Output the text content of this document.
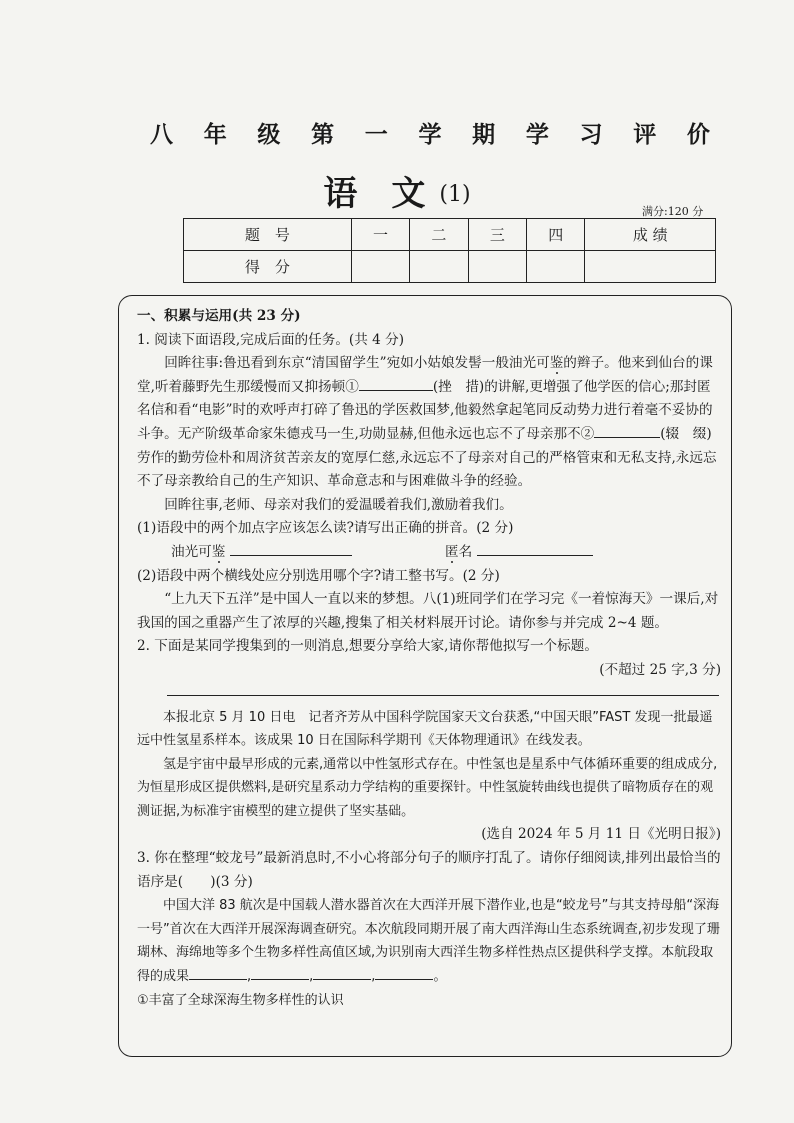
八 年 级 第 一 学 期 学 习 评 价
语　文 (1)
满分:120 分
题　号	一	二	三	四	成 绩
得　分					

一、积累与运用(共 23 分)

1. 阅读下面语段,完成后面的任务。(共 4 分)

回眸往事:鲁迅看到东京“清国留学生”宛如小姑娘发髻一般油光可鉴的辫子。他来到仙台的课堂,听着藤野先生那缓慢而又抑扬顿①	(挫　措)的讲解,更增强了他学医的信心;那封匿名信和看“电影”时的欢呼声打碎了鲁迅的学医救国梦,他毅然拿起笔同反动势力进行着毫不妥协的斗争。无产阶级革命家朱德戎马一生,功勋显赫,但他永远也忘不了母亲那不②	(辍　缀)劳作的勤劳俭朴和周济贫苦亲友的宽厚仁慈,永远忘不了母亲对自己的严格管束和无私支持,永远忘不了母亲教给自己的生产知识、革命意志和与困难做斗争的经验。

回眸往事,老师、母亲对我们的爱温暖着我们,激励着我们。

(1)语段中的两个加点字应该怎么读?请写出正确的拼音。(2 分)

油光可鉴	匿名

(2)语段中两个横线处应分别选用哪个字?请工整书写。(2 分)

“上九天下五洋”是中国人一直以来的梦想。八(1)班同学们在学习完《一着惊海天》一课后,对我国的国之重器产生了浓厚的兴趣,搜集了相关材料展开讨论。请你参与并完成 2~4 题。

2. 下面是某同学搜集到的一则消息,想要分享给大家,请你帮他拟写一个标题。

(不超过 25 字,3 分)

本报北京 5 月 10 日电　记者齐芳从中国科学院国家天文台获悉,“中国天眼”FAST 发现一批最遥远中性氢星系样本。该成果 10 日在国际科学期刊《天体物理通讯》在线发表。

氢是宇宙中最早形成的元素,通常以中性氢形式存在。中性氢也是星系中气体循环重要的组成成分,为恒星形成区提供燃料,是研究星系动力学结构的重要探针。中性氢旋转曲线也提供了暗物质存在的观测证据,为标准宇宙模型的建立提供了坚实基础。

(选自 2024 年 5 月 11 日《光明日报》)

3. 你在整理“蛟龙号”最新消息时,不小心将部分句子的顺序打乱了。请你仔细阅读,排列出最恰当的语序是(　　)(3 分)

中国大洋 83 航次是中国载人潜水器首次在大西洋开展下潜作业,也是“蛟龙号”与其支持母船“深海一号”首次在大西洋开展深海调查研究。本次航段同期开展了南大西洋海山生态系统调查,初步发现了珊瑚林、海绵地等多个生物多样性高值区域,为识别南大西洋生物多样性热点区提供科学支撑。本航段取得的成果	,	,	,	。

①丰富了全球深海生物多样性的认识
